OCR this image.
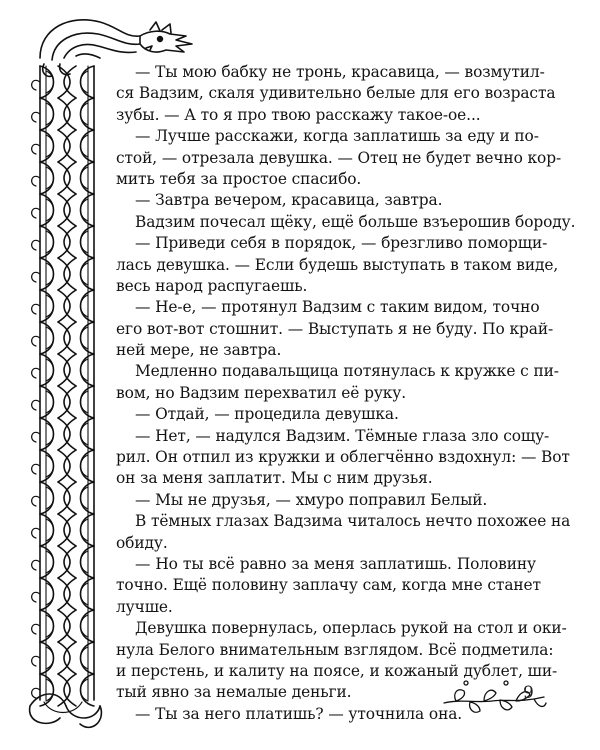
— Ты мою бабку не тронь, красавица, — возмутил-
ся Вадзим, скаля удивительно белые для его возраста
зубы. — А то я про твою расскажу такое-ое...
— Лучше расскажи, когда заплатишь за еду и по-
стой, — отрезала девушка. — Отец не будет вечно кор-
мить тебя за простое спасибо.
— Завтра вечером, красавица, завтра.
Вадзим почесал щёку, ещё больше взъерошив бороду.
— Приведи себя в порядок, — брезгливо поморщи-
лась девушка. — Если будешь выступать в таком виде,
весь народ распугаешь.
— Не-е, — протянул Вадзим с таким видом, точно
его вот-вот стошнит. — Выступать я не буду. По край-
ней мере, не завтра.
Медленно подавальщица потянулась к кружке с пи-
вом, но Вадзим перехватил её руку.
— Отдай, — процедила девушка.
— Нет, — надулся Вадзим. Тёмные глаза зло сощу-
рил. Он отпил из кружки и облегчённо вздохнул: — Вот
он за меня заплатит. Мы с ним друзья.
— Мы не друзья, — хмуро поправил Белый.
В тёмных глазах Вадзима читалось нечто похожее на
обиду.
— Но ты всё равно за меня заплатишь. Половину
точно. Ещё половину заплачу сам, когда мне станет
лучше.
Девушка повернулась, оперлась рукой на стол и оки-
нула Белого внимательным взглядом. Всё подметила:
и перстень, и калиту на поясе, и кожаный дублет, ши-
тый явно за немалые деньги.
— Ты за него платишь? — уточнила она.
9
